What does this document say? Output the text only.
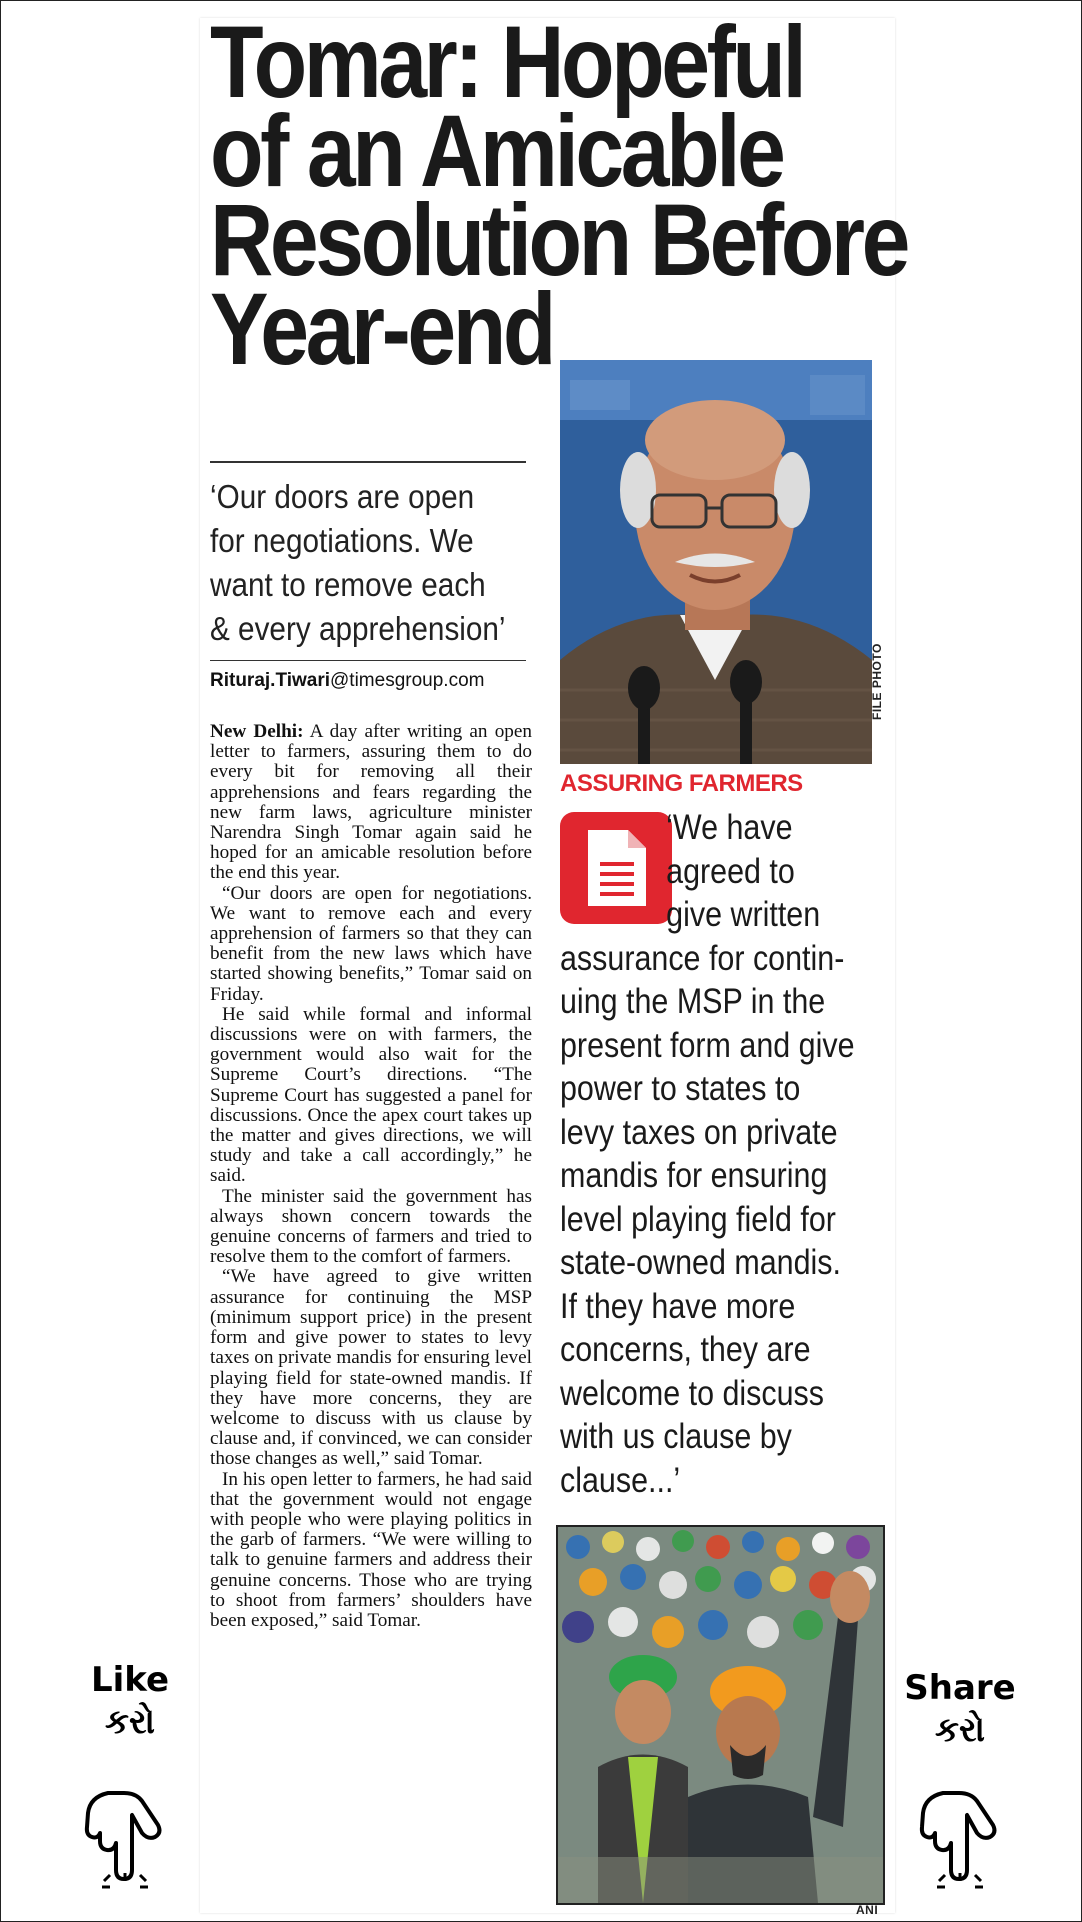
Tomar: Hopeful
of an Amicable
Resolution Before
Year-end
‘Our doors are open
for negotiations. We
want to remove each
& every apprehension’
Rituraj.Tiwari@timesgroup.com

New Delhi: A day after writing an open letter to farmers, assuring them to do every bit for removing all their apprehensions and fears regarding the new farm laws, agriculture minister Narendra Singh Tomar again said he hoped for an amicable resolution before the end this year.

“Our doors are open for negotiations. We want to remove each and every apprehension of farmers so that they can benefit from the new laws which have started showing benefits,” Tomar said on Friday.

He said while formal and informal discussions were on with farmers, the government would also wait for the Supreme Court’s directions. “The Supreme Court has suggested a panel for discussions. Once the apex court takes up the matter and gives directions, we will study and take a call accordingly,” he said.

The minister said the government has always shown concern towards the genuine concerns of farmers and tried to resolve them to the comfort of farmers.

“We have agreed to give written assurance for continuing the MSP (minimum support price) in the present form and give power to states to levy taxes on private mandis for ensuring level playing field for state-owned mandis. If they have more concerns, they are welcome to discuss with us clause by clause and, if convinced, we can consider those changes as well,” said Tomar.

In his open letter to farmers, he had said that the government would not engage with people who were playing politics in the garb of farmers. “We were willing to talk to genuine farmers and address their genuine concerns. Those who are trying to shoot from farmers’ shoulders have been exposed,” said Tomar.

FILE PHOTO
ASSURING FARMERS
‘We have
agreed to
give written
assurance for contin-
uing the MSP in the
present form and give
power to states to
levy taxes on private
mandis for ensuring
level playing field for
state-owned mandis.
If they have more
concerns, they are
welcome to discuss
with us clause by
clause...’
ANI
Like
કરો
Share
કરો
